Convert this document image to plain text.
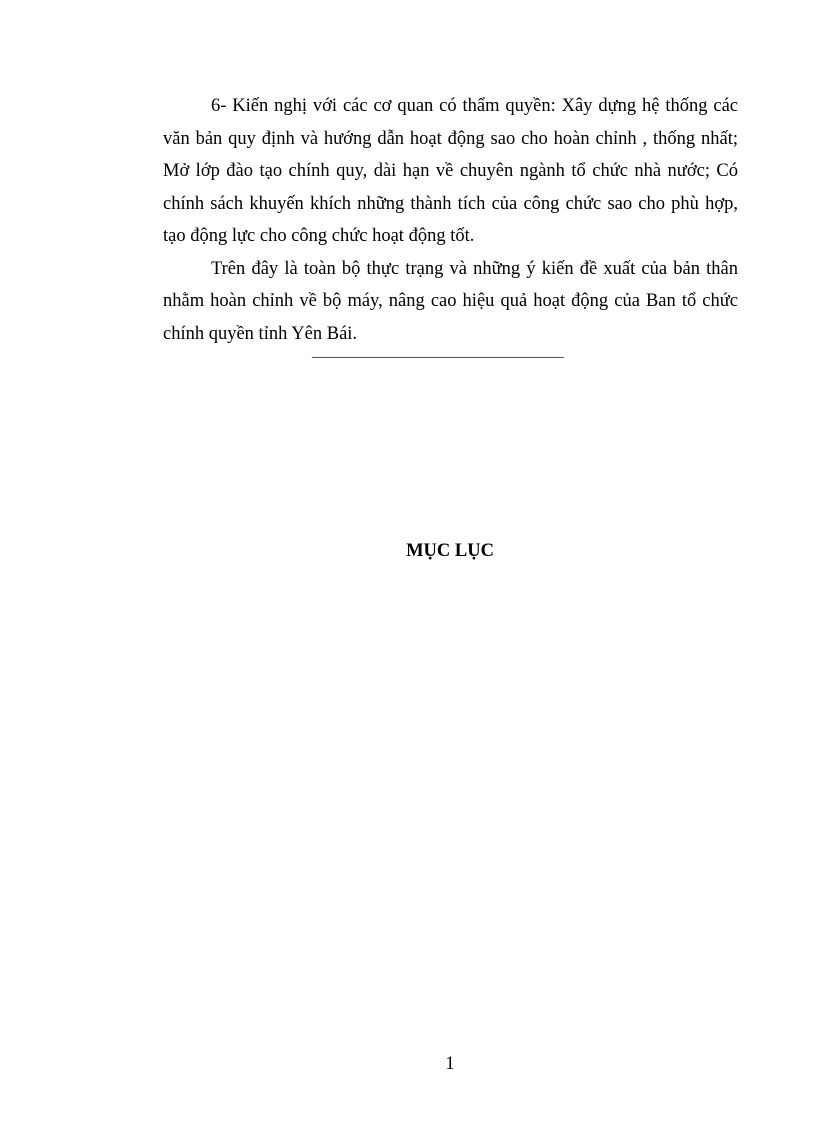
6- Kiến nghị với các cơ quan có thẩm quyền: Xây dựng hệ thống các văn bản quy định và hướng dẫn hoạt động sao cho hoàn chỉnh , thống nhất; Mở lớp đào tạo chính quy, dài hạn về chuyên ngành tổ chức nhà nước; Có chính sách khuyến khích những thành tích của công chức sao cho phù hợp, tạo động lực cho công chức hoạt động tốt.

Trên đây là toàn bộ thực trạng và những ý kiến đề xuất của bản thân nhằm hoàn chỉnh về bộ máy, nâng cao hiệu quả hoạt động của Ban tổ chức chính quyền tỉnh Yên Bái.

____________________________________
MỤC LỤC
1
